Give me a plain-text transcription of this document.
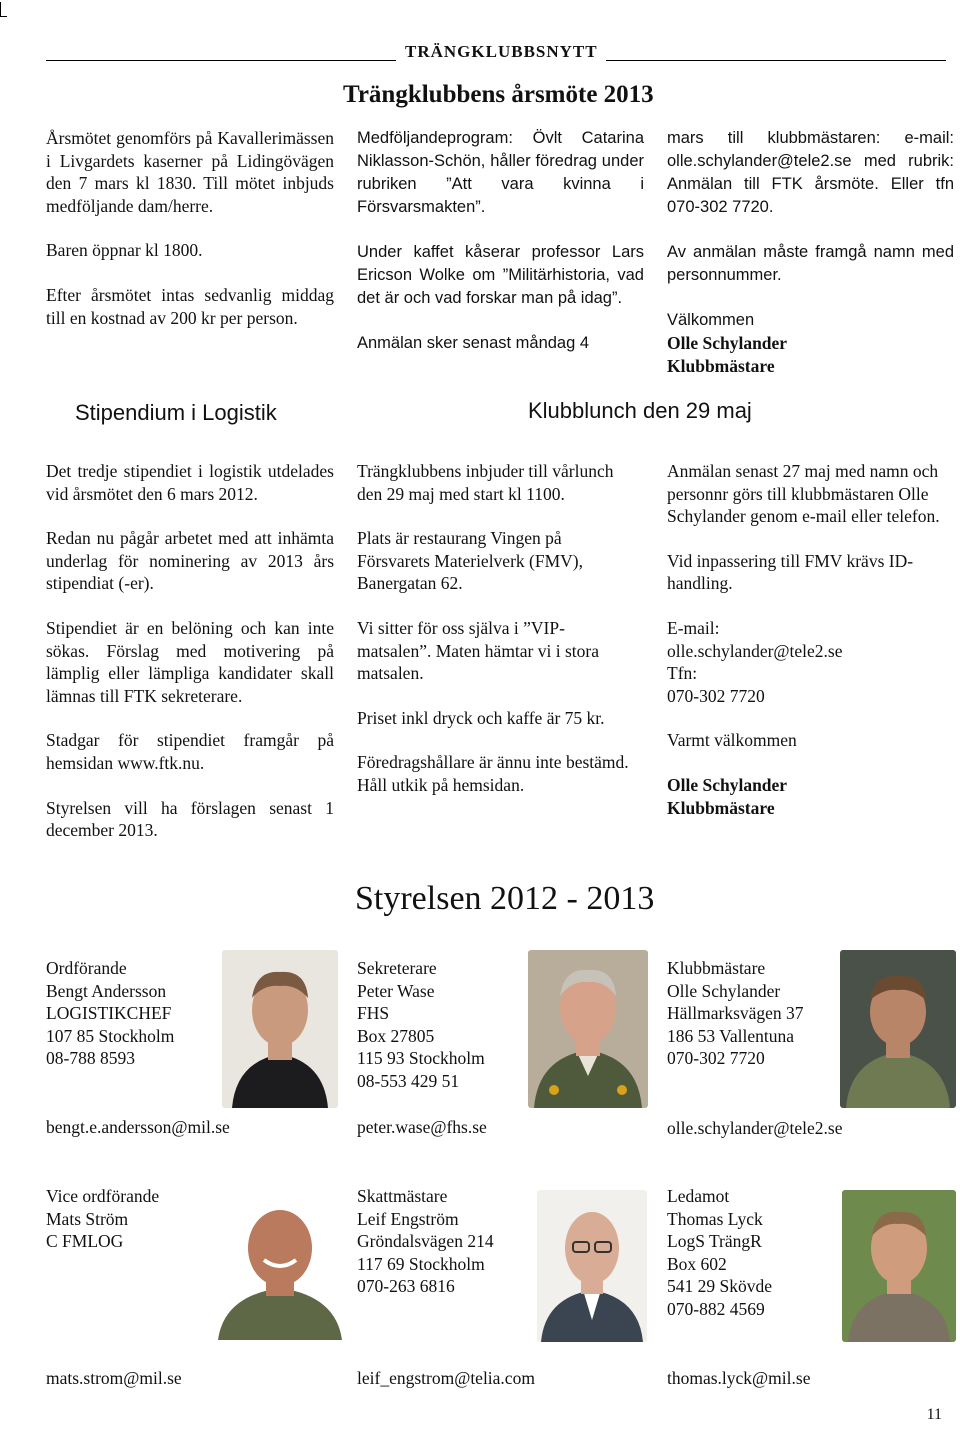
TRÄNGKLUBBSNYTT
Trängklubbens årsmöte 2013

Årsmötet genomförs på Kavallerimässen i Livgardets kaserner på Lidingövägen den 7 mars kl 1830. Till mötet inbjuds medföljande dam/herre.

Baren öppnar kl 1800.

Efter årsmötet intas sedvanlig middag till en kostnad av 200 kr per person.

Medföljandeprogram: Övlt Catarina Niklasson-Schön, håller föredrag under rubriken ”Att vara kvinna i Försvarsmakten”.

Under kaffet kåserar professor Lars Ericson Wolke om ”Militärhistoria, vad det är och vad forskar man på idag”.

Anmälan sker senast måndag 4

mars till klubbmästaren: e-mail: olle.schylander@tele2.se med rubrik: Anmälan till FTK årsmöte. Eller tfn 070-302 7720.

Av anmälan måste framgå namn med personnummer.

Välkommen

Olle Schylander
Klubbmästare
Stipendium i Logistik

Det tredje stipendiet i logistik utdelades vid årsmötet den 6 mars 2012.

Redan nu pågår arbetet med att inhämta underlag för nominering av 2013 års stipendiat (-er).

Stipendiet är en belöning och kan inte sökas. Förslag med motivering på lämplig eller lämpliga kandidater skall lämnas till FTK sekreterare.

Stadgar för stipendiet framgår på hemsidan www.ftk.nu.

Styrelsen vill ha förslagen senast 1 december 2013.

Klubblunch den 29 maj

Trängklubbens inbjuder till vårlunch den 29 maj med start kl 1100.

Plats är restaurang Vingen på Försvarets Materielverk (FMV), Banergatan 62.

Vi sitter för oss själva i ”VIP-matsalen”. Maten hämtar vi i stora matsalen.

Priset inkl dryck och kaffe är 75 kr.

Föredragshållare är ännu inte bestämd. Håll utkik på hemsidan.

Anmälan senast 27 maj med namn och personnr görs till klubbmästaren Olle Schylander genom e-mail eller telefon.

Vid inpassering till FMV krävs ID-handling.

E-mail:
olle.schylander@tele2.se
Tfn:
070-302 7720

Varmt välkommen

Olle Schylander
Klubbmästare
Styrelsen 2012 - 2013
Ordförande
Bengt Andersson
LOGISTIKCHEF
107 85 Stockholm
08-788 8593
bengt.e.andersson@mil.se
Sekreterare
Peter Wase
FHS
Box 27805
115 93 Stockholm
08-553 429 51
peter.wase@fhs.se
Klubbmästare
Olle Schylander
Hällmarksvägen 37
186 53 Vallentuna
070-302 7720
olle.schylander@tele2.se
Vice ordförande
Mats Ström
C FMLOG
mats.strom@mil.se
Skattmästare
Leif Engström
Gröndalsvägen 214
117 69 Stockholm
070-263 6816
leif_engstrom@telia.com
Ledamot
Thomas Lyck
LogS TrängR
Box 602
541 29 Skövde
070-882 4569
thomas.lyck@mil.se
11
